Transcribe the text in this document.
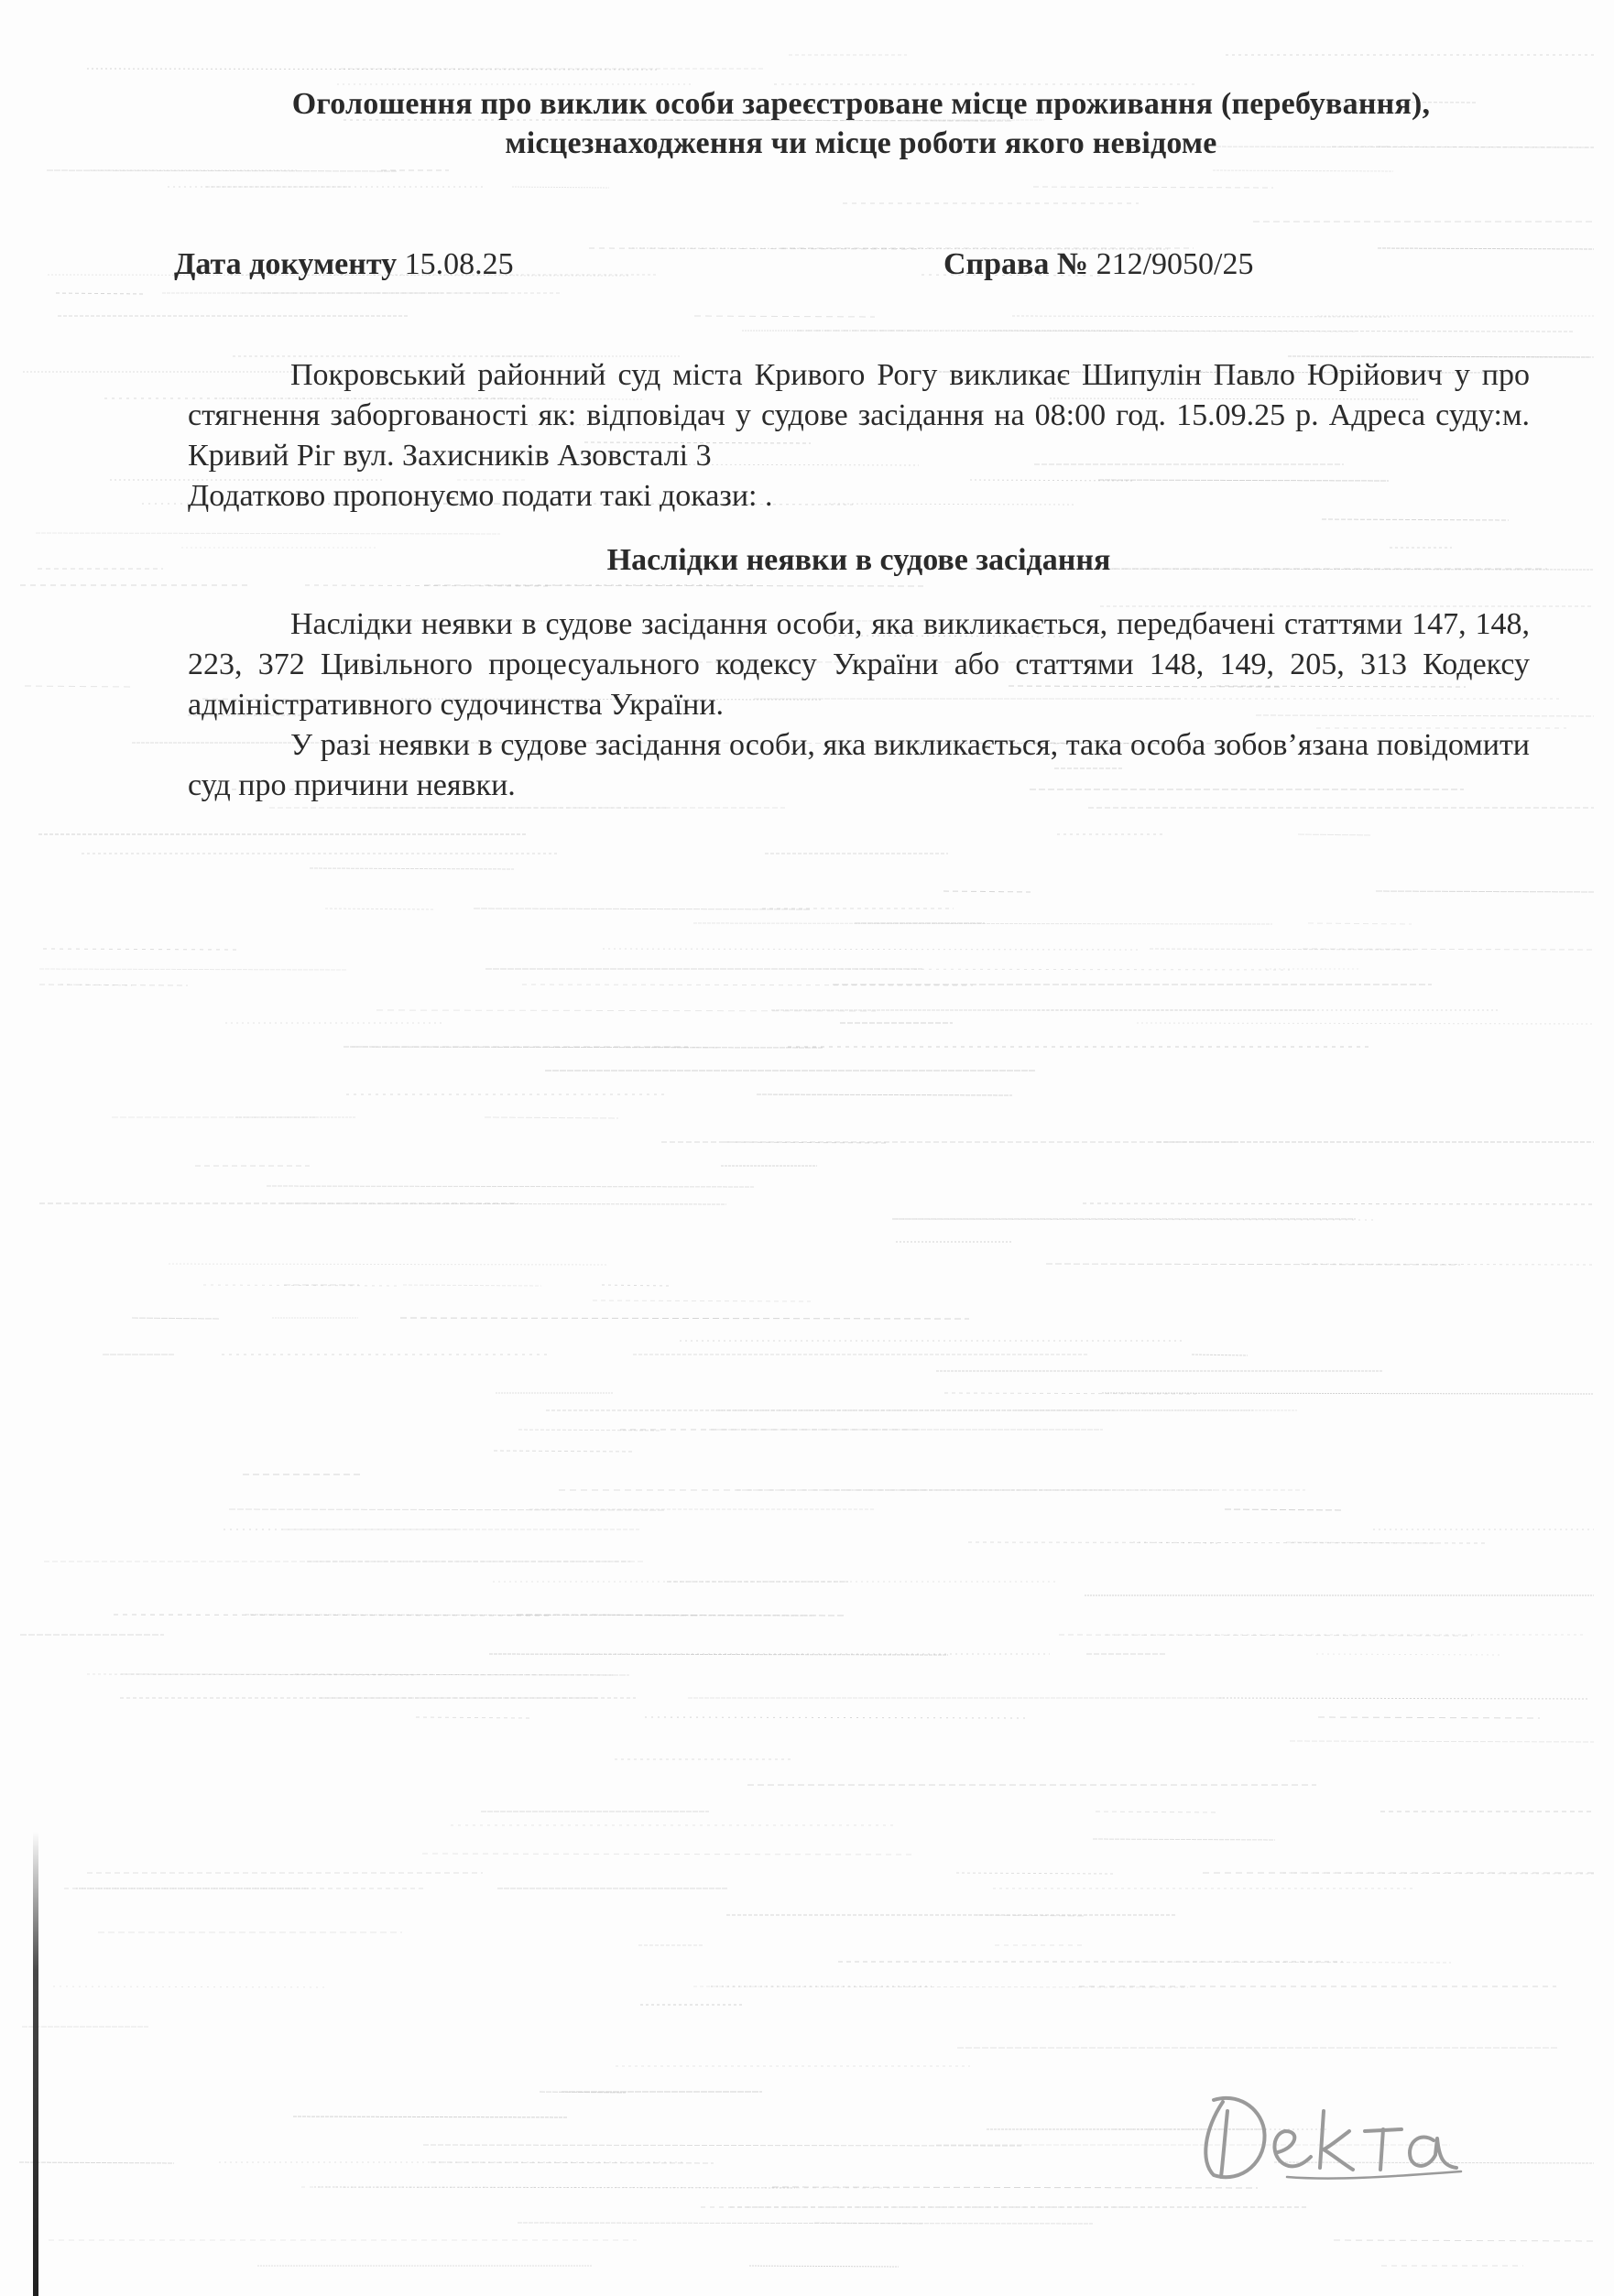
Оголошення про виклик особи зареєстроване місце проживання (перебування),
місцезнаходження чи місце роботи якого невідоме
Дата документу 15.08.25	Справа № 212/9050/25

Покровський районний суд міста Кривого Рогу викликає Шипулін Павло Юрійович у про стягнення заборгованості як: відповідач у судове засідання на 08:00 год. 15.09.25 р. Адреса суду:м. Кривий Ріг вул. Захисників Азовсталі 3

Додатково пропонуємо подати такі докази: .

Наслідки неявки в судове засідання

Наслідки неявки в судове засідання особи, яка викликається, передбачені статтями 147, 148, 223, 372 Цивільного процесуального кодексу України або статтями 148, 149, 205, 313 Кодексу адміністративного судочинства України.

У разі неявки в судове засідання особи, яка викликається, така особа зобов’язана повідомити суд про причини неявки.
